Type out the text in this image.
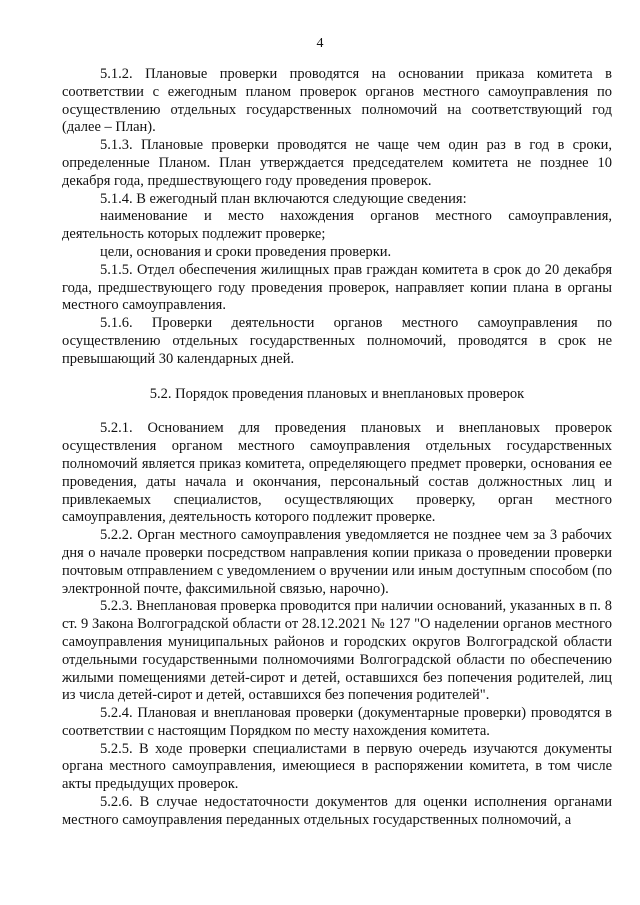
4

5.1.2. Плановые проверки проводятся на основании приказа комитета в соответствии с ежегодным планом проверок органов местного самоуправления по осуществлению отдельных государственных полномочий на соответствующий год (далее – План).

5.1.3. Плановые проверки проводятся не чаще чем один раз в год в сроки, определенные Планом. План утверждается председателем комитета не позднее 10 декабря года, предшествующего году проведения проверок.

5.1.4. В ежегодный план включаются следующие сведения:

наименование и место нахождения органов местного самоуправления, деятельность которых подлежит проверке;

цели, основания и сроки проведения проверки.

5.1.5. Отдел обеспечения жилищных прав граждан комитета в срок до 20 декабря года, предшествующего году проведения проверок, направляет копии плана в органы местного самоуправления.

5.1.6. Проверки деятельности органов местного самоуправления по осуществлению отдельных государственных полномочий, проводятся в срок не превышающий 30 календарных дней.

5.2. Порядок проведения плановых и внеплановых проверок

5.2.1. Основанием для проведения плановых и внеплановых проверок осуществления органом местного самоуправления отдельных государственных полномочий является приказ комитета, определяющего предмет проверки, основания ее проведения, даты начала и окончания, персональный состав должностных лиц и привлекаемых специалистов, осуществляющих проверку, орган местного самоуправления, деятельность которого подлежит проверке.

5.2.2. Орган местного самоуправления уведомляется не позднее чем за 3 рабочих дня о начале проверки посредством направления копии приказа о проведении проверки почтовым отправлением с уведомлением о вручении или иным доступным способом (по электронной почте, факсимильной связью, нарочно).

5.2.3. Внеплановая проверка проводится при наличии оснований, указанных в п. 8 ст. 9 Закона Волгоградской области от 28.12.2021 № 127 "О наделении органов местного самоуправления муниципальных районов и городских округов Волгоградской области отдельными государственными полномочиями Волгоградской области по обеспечению жилыми помещениями детей-сирот и детей, оставшихся без попечения родителей, лиц из числа детей-сирот и детей, оставшихся без попечения родителей".

5.2.4. Плановая и внеплановая проверки (документарные проверки) проводятся в соответствии с настоящим Порядком по месту нахождения комитета.

5.2.5. В ходе проверки специалистами в первую очередь изучаются документы органа местного самоуправления, имеющиеся в распоряжении комитета, в том числе акты предыдущих проверок.

5.2.6. В случае недостаточности документов для оценки исполнения органами местного самоуправления переданных отдельных государственных полномочий, а
